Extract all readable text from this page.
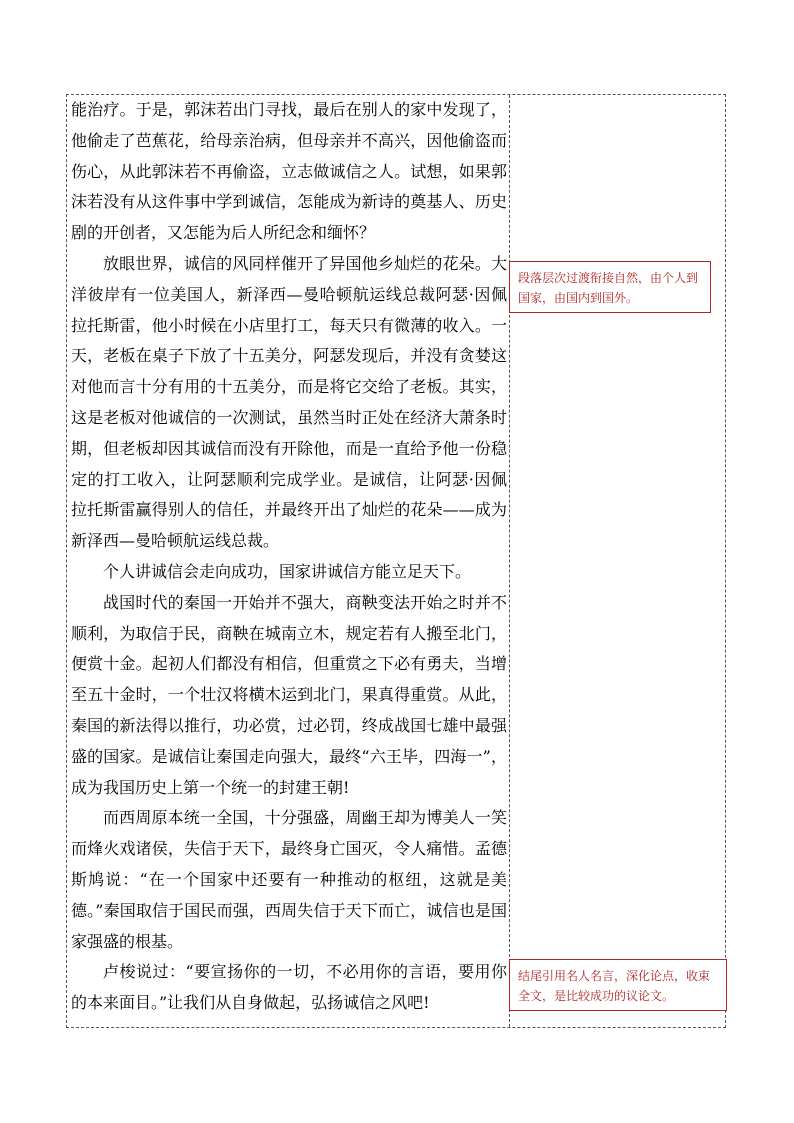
能治疗。于是，郭沫若出门寻找，最后在别人的家中发现了，他偷走了芭蕉花，给母亲治病，但母亲并不高兴，因他偷盗而伤心，从此郭沫若不再偷盗，立志做诚信之人。试想，如果郭沫若没有从这件事中学到诚信，怎能成为新诗的奠基人、历史剧的开创者，又怎能为后人所纪念和缅怀？

放眼世界，诚信的风同样催开了异国他乡灿烂的花朵。大洋彼岸有一位美国人，新泽西—曼哈顿航运线总裁阿瑟·因佩拉托斯雷，他小时候在小店里打工，每天只有微薄的收入。一天，老板在桌子下放了十五美分，阿瑟发现后，并没有贪婪这对他而言十分有用的十五美分，而是将它交给了老板。其实，这是老板对他诚信的一次测试，虽然当时正处在经济大萧条时期，但老板却因其诚信而没有开除他，而是一直给予他一份稳定的打工收入，让阿瑟顺利完成学业。是诚信，让阿瑟·因佩拉托斯雷赢得别人的信任，并最终开出了灿烂的花朵——成为新泽西—曼哈顿航运线总裁。

个人讲诚信会走向成功，国家讲诚信方能立足天下。

战国时代的秦国一开始并不强大，商鞅变法开始之时并不顺利，为取信于民，商鞅在城南立木，规定若有人搬至北门，便赏十金。起初人们都没有相信，但重赏之下必有勇夫，当增至五十金时，一个壮汉将横木运到北门，果真得重赏。从此，秦国的新法得以推行，功必赏，过必罚，终成战国七雄中最强盛的国家。是诚信让秦国走向强大，最终“六王毕，四海一”，成为我国历史上第一个统一的封建王朝!

而西周原本统一全国，十分强盛，周幽王却为博美人一笑而烽火戏诸侯，失信于天下，最终身亡国灭，令人痛惜。孟德斯鸠说：“在一个国家中还要有一种推动的枢纽，这就是美德。”秦国取信于国民而强，西周失信于天下而亡，诚信也是国家强盛的根基。

卢梭说过：“要宣扬你的一切，不必用你的言语，要用你的本来面目。”让我们从自身做起，弘扬诚信之风吧!

段落层次过渡衔接自然，由个人到国家，由国内到国外。
结尾引用名人名言，深化论点，收束全文，是比较成功的议论文。
